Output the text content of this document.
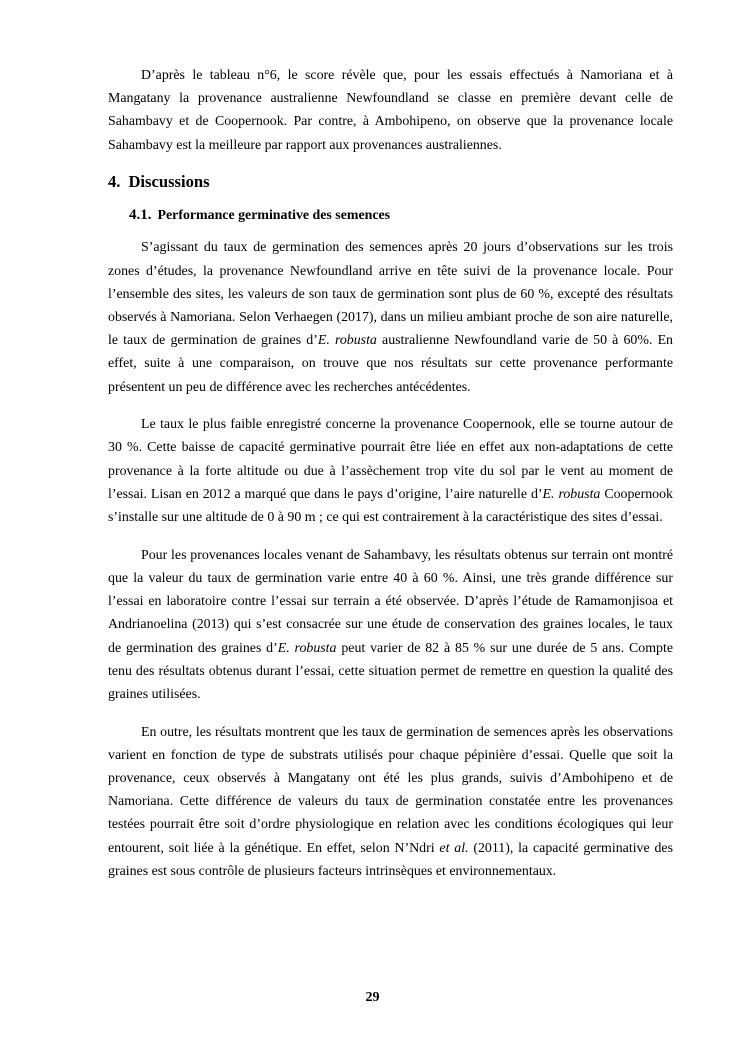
D’après le tableau n°6, le score révèle que, pour les essais effectués à Namoriana et à Mangatany la provenance australienne Newfoundland se classe en première devant celle de Sahambavy et de Coopernook. Par contre, à Ambohipeno, on observe que la provenance locale Sahambavy est la meilleure par rapport aux provenances australiennes.

4. Discussions
4.1. Performance germinative des semences

S’agissant du taux de germination des semences après 20 jours d’observations sur les trois zones d’études, la provenance Newfoundland arrive en tête suivi de la provenance locale. Pour l’ensemble des sites, les valeurs de son taux de germination sont plus de 60 %, excepté des résultats observés à Namoriana. Selon Verhaegen (2017), dans un milieu ambiant proche de son aire naturelle, le taux de germination de graines d’E. robusta australienne Newfoundland varie de 50 à 60%. En effet, suite à une comparaison, on trouve que nos résultats sur cette provenance performante présentent un peu de différence avec les recherches antécédentes.

Le taux le plus faible enregistré concerne la provenance Coopernook, elle se tourne autour de 30 %. Cette baisse de capacité germinative pourrait être liée en effet aux non-adaptations de cette provenance à la forte altitude ou due à l’assèchement trop vite du sol par le vent au moment de l’essai. Lisan en 2012 a marqué que dans le pays d’origine, l’aire naturelle d’E. robusta Coopernook s’installe sur une altitude de 0 à 90 m ; ce qui est contrairement à la caractéristique des sites d’essai.

Pour les provenances locales venant de Sahambavy, les résultats obtenus sur terrain ont montré que la valeur du taux de germination varie entre 40 à 60 %. Ainsi, une très grande différence sur l’essai en laboratoire contre l’essai sur terrain a été observée. D’après l’étude de Ramamonjisoa et Andrianoelina (2013) qui s’est consacrée sur une étude de conservation des graines locales, le taux de germination des graines d’E. robusta peut varier de 82 à 85 % sur une durée de 5 ans. Compte tenu des résultats obtenus durant l’essai, cette situation permet de remettre en question la qualité des graines utilisées.

En outre, les résultats montrent que les taux de germination de semences après les observations varient en fonction de type de substrats utilisés pour chaque pépinière d’essai. Quelle que soit la provenance, ceux observés à Mangatany ont été les plus grands, suivis d’Ambohipeno et de Namoriana. Cette différence de valeurs du taux de germination constatée entre les provenances testées pourrait être soit d’ordre physiologique en relation avec les conditions écologiques qui leur entourent, soit liée à la génétique. En effet, selon N’Ndri et al. (2011), la capacité germinative des graines est sous contrôle de plusieurs facteurs intrinsèques et environnementaux.

29
